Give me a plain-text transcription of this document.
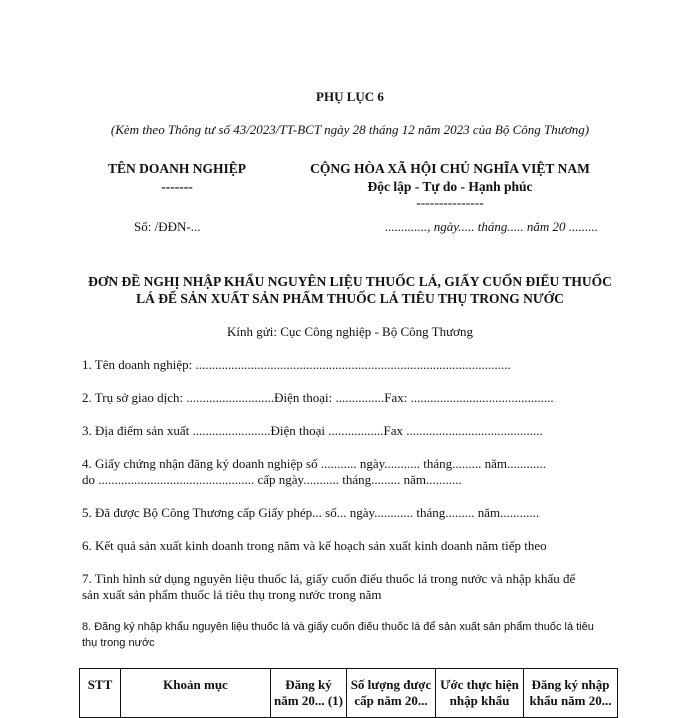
PHỤ LỤC 6
(Kèm theo Thông tư số 43/2023/TT-BCT ngày 28 tháng 12 năm 2023 của Bộ Công Thương)
TÊN DOANH NGHIỆP
-------
CỘNG HÒA XÃ HỘI CHỦ NGHĨA VIỆT NAM
Độc lập - Tự do - Hạnh phúc
---------------
Số: /ĐĐN-...	............., ngày..... tháng..... năm 20 .........
ĐƠN ĐỀ NGHỊ NHẬP KHẨU NGUYÊN LIỆU THUỐC LÁ, GIẤY CUỐN ĐIẾU THUỐC
LÁ ĐỂ SẢN XUẤT SẢN PHẨM THUỐC LÁ TIÊU THỤ TRONG NƯỚC
Kính gửi: Cục Công nghiệp - Bộ Công Thương
1. Tên doanh nghiệp: .................................................................................................
2. Trụ sở giao dịch: ...........................Điện thoại: ...............Fax: ............................................
3. Địa điểm sản xuất ........................Điện thoại .................Fax ..........................................
4. Giấy chứng nhận đăng ký doanh nghiệp số ........... ngày........... tháng......... năm............
do ................................................ cấp ngày........... tháng......... năm...........
5. Đã được Bộ Công Thương cấp Giấy phép... số... ngày............ tháng......... năm............
6. Kết quả sản xuất kinh doanh trong năm và kế hoạch sản xuất kinh doanh năm tiếp theo
7. Tình hình sử dụng nguyên liệu thuốc lá, giấy cuốn điếu thuốc lá trong nước và nhập khẩu để
sản xuất sản phẩm thuốc lá tiêu thụ trong nước trong năm
8. Đăng ký nhập khẩu nguyên liệu thuốc lá và giấy cuốn điếu thuốc lá để sản xuất sản phẩm thuốc lá tiêu
thụ trong nước
STT	Khoản mục	Đăng ký năm 20... (1)	Số lượng được cấp năm 20...	Ước thực hiện nhập khẩu	Đăng ký nhập khẩu năm 20...
